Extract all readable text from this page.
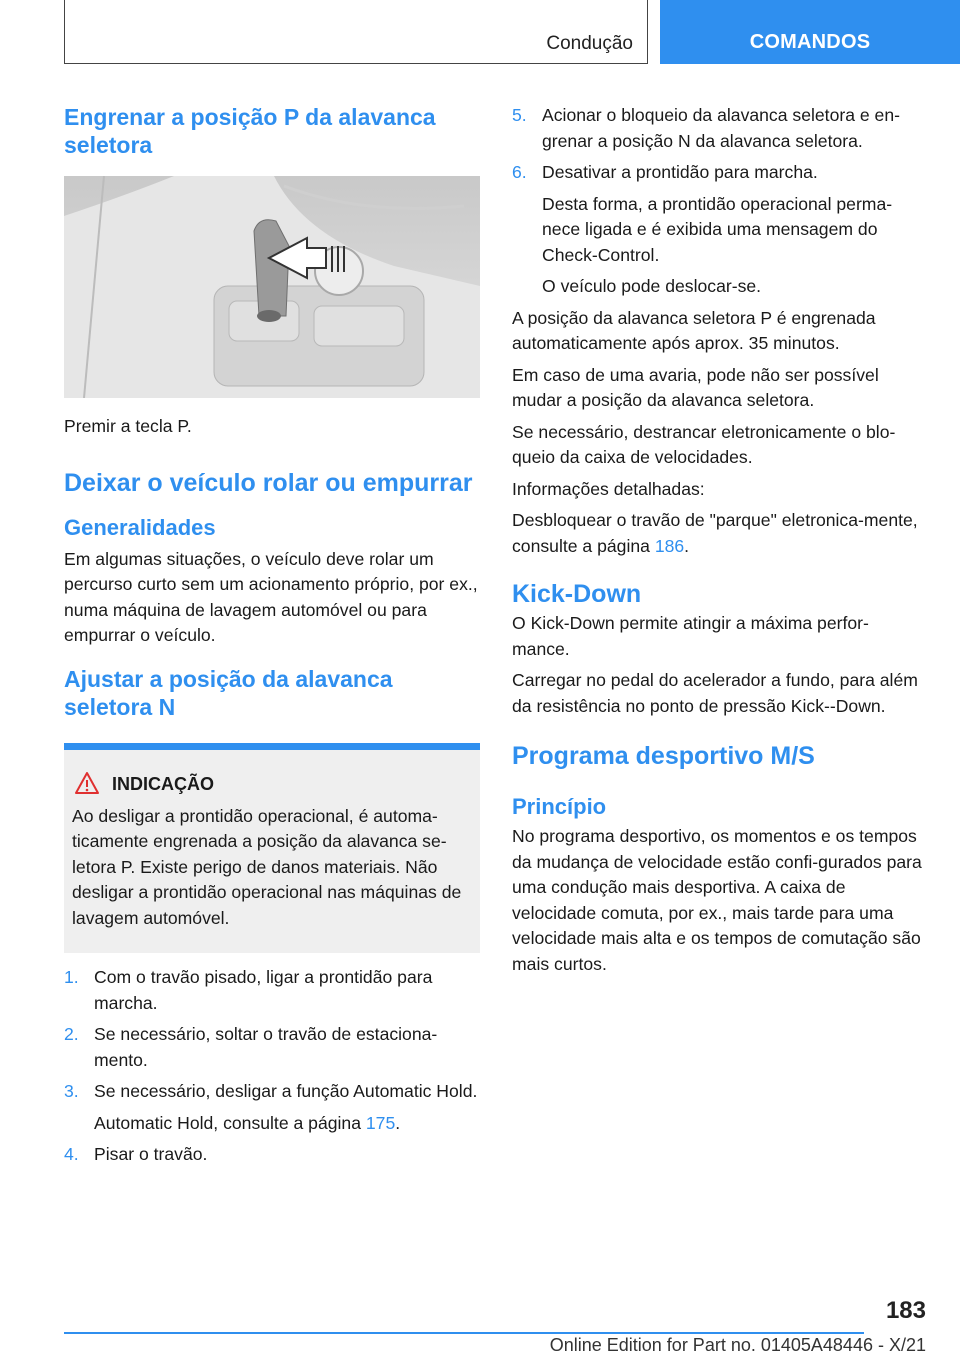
Condução	COMANDOS
Engrenar a posição P da alavanca seletora

Premir a tecla P.

Deixar o veículo rolar ou empurrar
Generalidades

Em algumas situações, o veículo deve rolar um percurso curto sem um acionamento próprio, por ex., numa máquina de lavagem automóvel ou para empurrar o veículo.

Ajustar a posição da alavanca seletora N
INDICAÇÃO

Ao desligar a prontidão operacional, é automa-ticamente engrenada a posição da alavanca se-letora P. Existe perigo de danos materiais. Não desligar a prontidão operacional nas máquinas de lavagem automóvel.

1. Com o travão pisado, ligar a prontidão para marcha.
2. Se necessário, soltar o travão de estaciona-mento.
3. Se necessário, desligar a função Automatic Hold.
Automatic Hold, consulte a página 175.
4. Pisar o travão.
5. Acionar o bloqueio da alavanca seletora e en-grenar a posição N da alavanca seletora.
6. Desativar a prontidão para marcha.
Desta forma, a prontidão operacional perma-nece ligada e é exibida uma mensagem do Check-Control.
O veículo pode deslocar-se.

A posição da alavanca seletora P é engrenada automaticamente após aprox. 35 minutos.

Em caso de uma avaria, pode não ser possível mudar a posição da alavanca seletora.

Se necessário, destrancar eletronicamente o blo-queio da caixa de velocidades.

Informações detalhadas:

Desbloquear o travão de "parque" eletronica-mente, consulte a página 186.

Kick-Down

O Kick-Down permite atingir a máxima perfor-mance.

Carregar no pedal do acelerador a fundo, para além da resistência no ponto de pressão Kick--Down.

Programa desportivo M/S
Princípio

No programa desportivo, os momentos e os tempos da mudança de velocidade estão confi-gurados para uma condução mais desportiva. A caixa de velocidade comuta, por ex., mais tarde para uma velocidade mais alta e os tempos de comutação são mais curtos.

183
Online Edition for Part no. 01405A48446 - X/21
